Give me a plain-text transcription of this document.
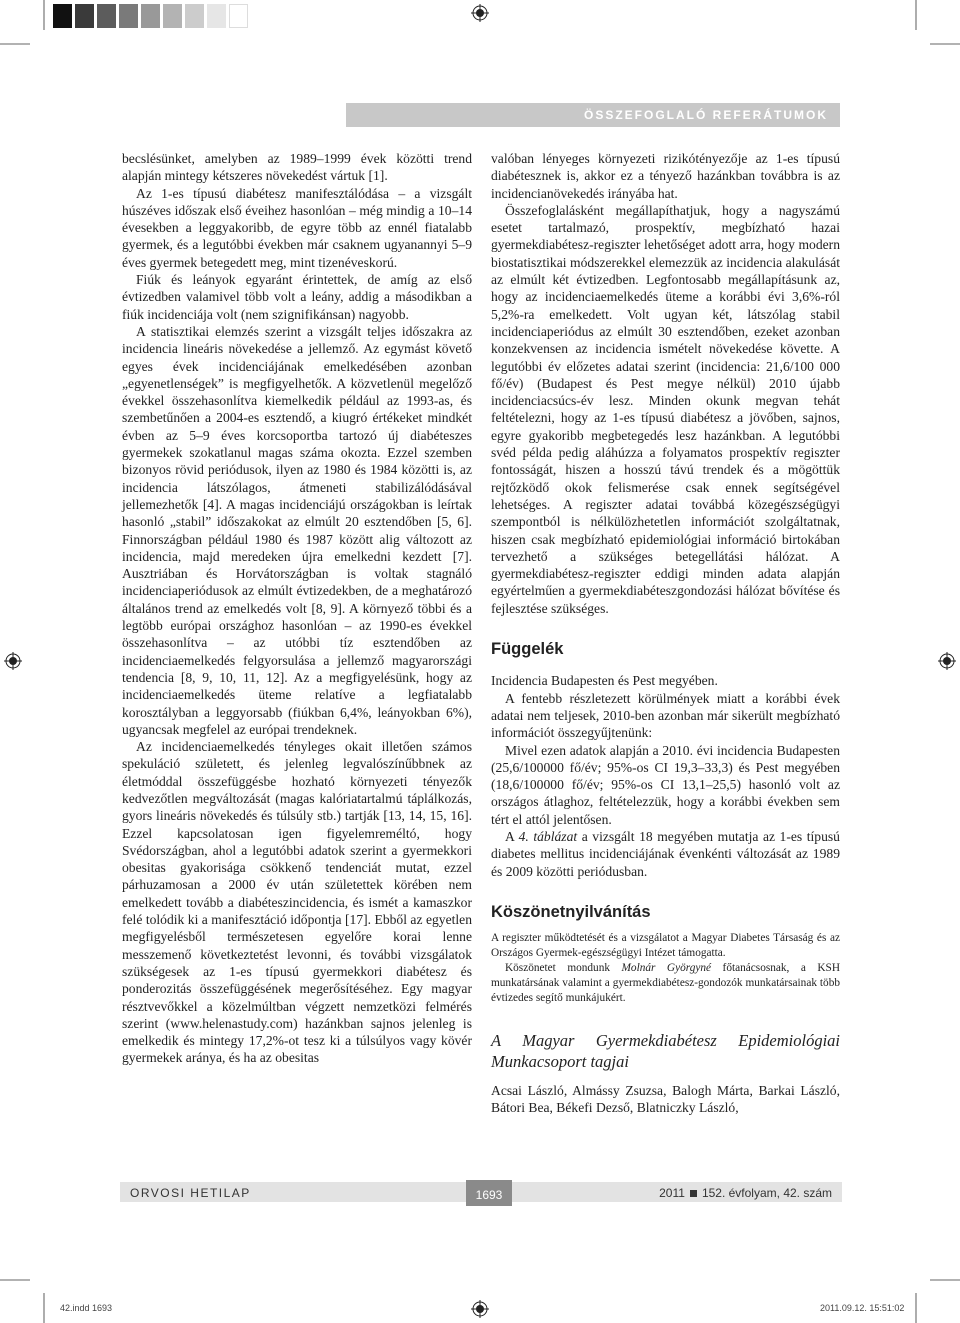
ÖSSZEFOGLALÓ REFERÁTUMOK

becslésünket, amelyben az 1989–1999 évek közötti trend alapján mintegy kétszeres növekedést vártuk [1].

Az 1-es típusú diabétesz manifesztálódása – a vizsgált húszéves időszak első éveihez hasonlóan – még mindig a 10–14 évesekben a leggyakoribb, de egyre több az ennél fiatalabb gyermek, és a legutóbbi években már csaknem ugyanannyi 5–9 éves gyermek betegedett meg, mint tizenéveskorú.

Fiúk és leányok egyaránt érintettek, de amíg az első évtizedben valamivel több volt a leány, addig a másodikban a fiúk incidenciája volt (nem szignifikánsan) nagyobb.

A statisztikai elemzés szerint a vizsgált teljes időszakra az incidencia lineáris növekedése a jellemző. Az egymást követő egyes évek incidenciájának emelkedésében azonban „egyenetlenségek” is megfigyelhetők. A közvetlenül megelőző évekkel összehasonlítva kiemelkedik például az 1993-as, és szembetűnően a 2004-es esztendő, a kiugró értékeket mindkét évben az 5–9 éves korcsoportba tartozó új diabéteszes gyermekek szokatlanul magas száma okozta. Ezzel szemben bizonyos rövid periódusok, ilyen az 1980 és 1984 közötti is, az incidencia látszólagos, átmeneti stabilizálódásával jellemezhetők [4]. A magas incidenciájú országokban is leírtak hasonló „stabil” időszakokat az elmúlt 20 esztendőben [5, 6]. Finnországban például 1980 és 1987 között alig változott az incidencia, majd meredeken újra emelkedni kezdett [7]. Ausztriában és Horvátországban is voltak stagnáló incidenciaperiódusok az elmúlt évtizedekben, de a meghatározó általános trend az emelkedés volt [8, 9]. A környező többi és a legtöbb európai országhoz hasonlóan – az 1990-es évekkel összehasonlítva – az utóbbi tíz esztendőben az incidenciaemelkedés felgyorsulása a jellemző magyarországi tendencia [8, 9, 10, 11, 12]. Az a megfigyelésünk, hogy az incidenciaemelkedés üteme relatíve a legfiatalabb korosztályban a leggyorsabb (fiúkban 6,4%, leányokban 6%), ugyancsak megfelel az európai trendeknek.

Az incidenciaemelkedés tényleges okait illetően számos spekuláció született, és jelenleg legvalószínűbbnek az életmóddal összefüggésbe hozható környezeti tényezők kedvezőtlen megváltozását (magas kalóriatartalmú táplálkozás, gyors lineáris növekedés és túlsúly stb.) tartják [13, 14, 15, 16]. Ezzel kapcsolatosan igen figyelemreméltó, hogy Svédországban, ahol a legutóbbi adatok szerint a gyermekkori obesitas gyakorisága csökkenő tendenciát mutat, ezzel párhuzamosan a 2000 év után születettek körében nem emelkedett tovább a diabéteszincidencia, és ismét a kamaszkor felé tolódik ki a manifesztáció időpontja [17]. Ebből az egyetlen megfigyelésből természetesen egyelőre korai lenne messzemenő következtetést levonni, és további vizsgálatok szükségesek az 1-es típusú gyermekkori diabétesz és ponderozitás összefüggésének megerősítéséhez. Egy magyar résztvevőkkel a közelmúltban végzett nemzetközi felmérés szerint (www.helenastudy.com) hazánkban sajnos jelenleg is emelkedik és mintegy 17,2%-ot tesz ki a túlsúlyos vagy kövér gyermekek aránya, és ha az obesitas

valóban lényeges környezeti rizikótényezője az 1-es típusú diabétesznek is, akkor ez a tényező hazánkban továbbra is az incidencianövekedés irányába hat.

Összefoglalásként megállapíthatjuk, hogy a nagyszámú esetet tartalmazó, prospektív, megbízható hazai gyermekdiabétesz-regiszter lehetőséget adott arra, hogy modern biostatisztikai módszerekkel elemezzük az incidencia alakulását az elmúlt két évtizedben. Legfontosabb megállapításunk az, hogy az incidenciaemelkedés üteme a korábbi évi 3,6%-ról 5,2%-ra emelkedett. Volt ugyan két, látszólag stabil incidenciaperiódus az elmúlt 30 esztendőben, ezeket azonban konzekvensen az incidencia ismételt növekedése követte. A legutóbbi év előzetes adatai szerint (incidencia: 21,6/100 000 fő/év) (Budapest és Pest megye nélkül) 2010 újabb incidenciacsúcs-év lesz. Minden okunk megvan tehát feltételezni, hogy az 1-es típusú diabétesz a jövőben, sajnos, egyre gyakoribb megbetegedés lesz hazánkban. A legutóbbi svéd példa pedig aláhúzza a folyamatos prospektív regiszter fontosságát, hiszen a hosszú távú trendek és a mögöttük rejtőzködő okok felismerése csak ennek segítségével lehetséges. A regiszter adatai továbbá közegészségügyi szempontból is nélkülözhetetlen információt szolgáltatnak, hiszen csak megbízható epidemiológiai információ birtokában tervezhető a szükséges betegellátási hálózat. A gyermekdiabétesz-regiszter eddigi minden adata alapján egyértelműen a gyermekdiabéteszgondozási hálózat bővítése és fejlesztése szükséges.

Függelék

Incidencia Budapesten és Pest megyében.

A fentebb részletezett körülmények miatt a korábbi évek adatai nem teljesek, 2010-ben azonban már sikerült megbízható információt összegyűjtenünk:

Mivel ezen adatok alapján a 2010. évi incidencia Budapesten (25,6/100000 fő/év; 95%-os CI 19,3–33,3) és Pest megyében (18,6/100000 fő/év; 95%-os CI 13,1–25,5) hasonló volt az országos átlaghoz, feltételezzük, hogy a korábbi években sem tért el attól jelentősen.

A 4. táblázat a vizsgált 18 megyében mutatja az 1-es típusú diabetes mellitus incidenciájának évenkénti változását az 1989 és 2009 közötti periódusban.

Köszönetnyilvánítás

A regiszter működtetését és a vizsgálatot a Magyar Diabetes Társaság és az Országos Gyermek-egészségügyi Intézet támogatta.

Köszönetet mondunk Molnár Györgyné főtanácsosnak, a KSH munkatársának valamint a gyermekdiabétesz-gondozók munkatársainak több évtizedes segítő munkájukért.

A Magyar Gyermekdiabétesz Epidemiológiai Munkacsoport tagjai

Acsai László, Almássy Zsuzsa, Balogh Márta, Barkai László, Bátori Bea, Békefi Dezső, Blatniczky László,

ORVOSI HETILAP	1693	2011 152. évfolyam, 42. szám
42.indd 1693	2011.09.12. 15:51:02
